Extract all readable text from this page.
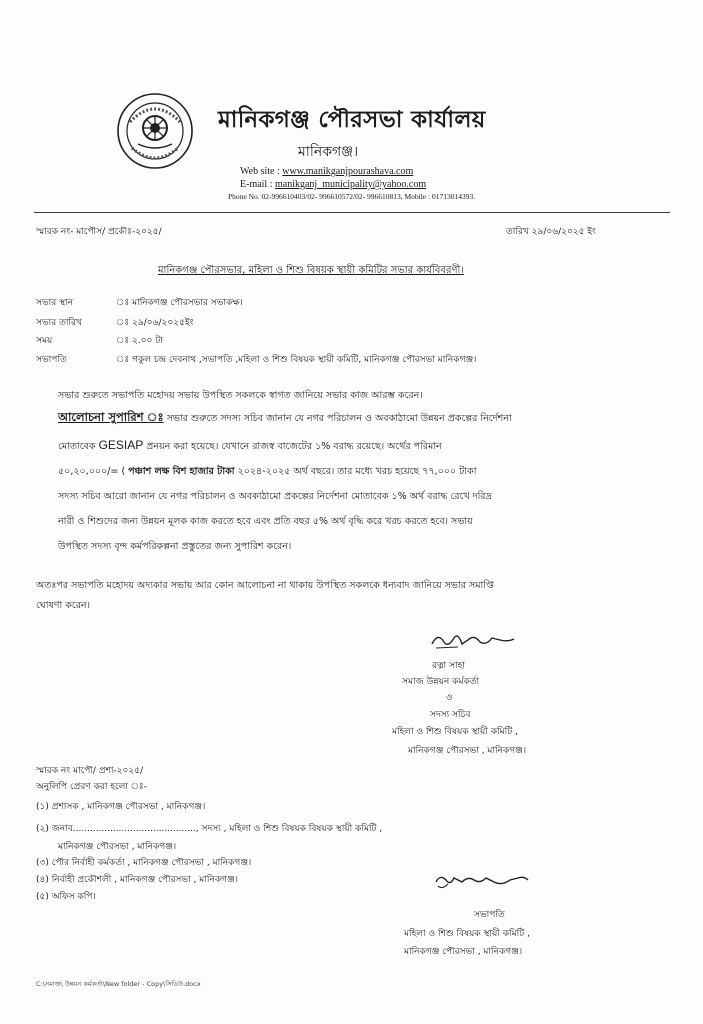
মানিকগঞ্জ পৌরসভা কার্যালয়
মানিকগঞ্জ।
Web site : www.manikganjpourashava.com
E-mail : manikganj_municipality@yahoo.com
Phone No. 02-996610403/02- 996610572/02- 996610813, Mobile : 01713014393.
স্মারক নং- মাপৌস/ প্রকৌঃ-২০২৫/	তারিখ ২৯/০৬/২০২৫ ইং
মানিকগঞ্জ পৌরসভার, মহিলা ও শিশু বিষয়ক স্থায়ী কমিটির সভার কার্যবিবরণী।
সভার স্থান	ঃ মানিকগঞ্জ পৌরসভার সভাকক্ষ।
সভার তারিখ	ঃ ২৯/০৬/২০২৫ইং
সময়	ঃ ২.০০ টা
সভাপতি	ঃ গকুল চন্দ্র দেবনাথ ,সভাপতি ,মহিলা ও শিশু বিষয়ক স্থায়ী কমিটি, মানিকগঞ্জ পৌরসভা মানিকগঞ্জ।
সভার শুরুতে সভাপতি মহোদয় সভায় উপস্থিত সকলকে স্বাগত জানিয়ে সভার কাজ আরম্ভ করেন।
আলোচনা সুপারিশ ঃ সভার শুরুতে সদস্য সচিব জানান যে নগর পরিচালন ও অবকাঠামো উন্নয়ন প্রকল্পের নির্দেশনা
মোতাবেক GESIAP প্রনয়ন করা হয়েছে। যেখানে রাজস্ব বাজেটের ১% বরাদ্ধ রয়েছে। অর্থের পরিমান
৫০,২০,০০০/= ( পঞ্চাশ লক্ষ বিশ হাজার টাকা ২০২৪-২০২৫ অর্থ বছরে। তার মধ্যে খরচ হয়েছে ৭৭,০০০ টাকা
সদস্য সচিব আরো জানান যে নগর পরিচালন ও অবকাঠামো প্রকল্পের নির্দেশনা মোতাবেক ১% অর্থ বরাদ্ধ রেখে দরিদ্র
নারী ও শিশুদের জন্য উন্নয়ন মূলক কাজ করতে হবে এবং প্রতি বছর ৫% অর্থ বৃদ্ধি করে খরচ করতে হবে। সভায়
উপস্থিত সদস্য বৃন্দ কর্মপরিকল্পনা প্রস্তুতের জন্য সুপারিশ করেন।
অতঃপর সভাপতি মহোদয় অদ্যকার সভায় আর কোন আলোচনা না থাকায় উপস্থিত সকলকে ধন্যবাদ জানিয়ে সভার সমাপ্তি
ঘোষণা করেন।
রত্না সাহা
সমাজ উন্নয়ন কর্মকর্তা
ও
সদস্য সচিব
মহিলা ও শিশু বিষয়ক স্থায়ী কমিটি ,
মানিকগঞ্জ পৌরসভা , মানিকগঞ্জ।
স্মারক নং মাপৌ/ প্রশা-২০২৫/
অনুলিপি প্রেরণ করা হলো ঃ-
(১) প্রশাসক , মানিকগঞ্জ পৌরসভা , মানিকগঞ্জ।
(২) জনাব..........................................., সদস্য , মহিলা ও শিশু বিষয়ক বিষয়ক স্থায়ী কমিটি ,
মানিকগঞ্জ পৌরসভা , মানিকগঞ্জ।
(৩) পৌর নির্বাহী কর্মকর্তা , মানিকগঞ্জ পৌরসভা , মানিকগঞ্জ।
(৪) নির্বাহী প্রকৌশলী , মানিকগঞ্জ পৌরসভা , মানিকগঞ্জ।
(৫) অফিস কপি।
সভাপতি
মহিলা ও শিশু বিষয়ক স্থায়ী কমিটি ,
মানিকগঞ্জ পৌরসভা , মানিকগঞ্জ।
C:\সমাজ\ উন্নয়ন কর্মকর্তা\New folder - Copy\সিডিউ.docx
